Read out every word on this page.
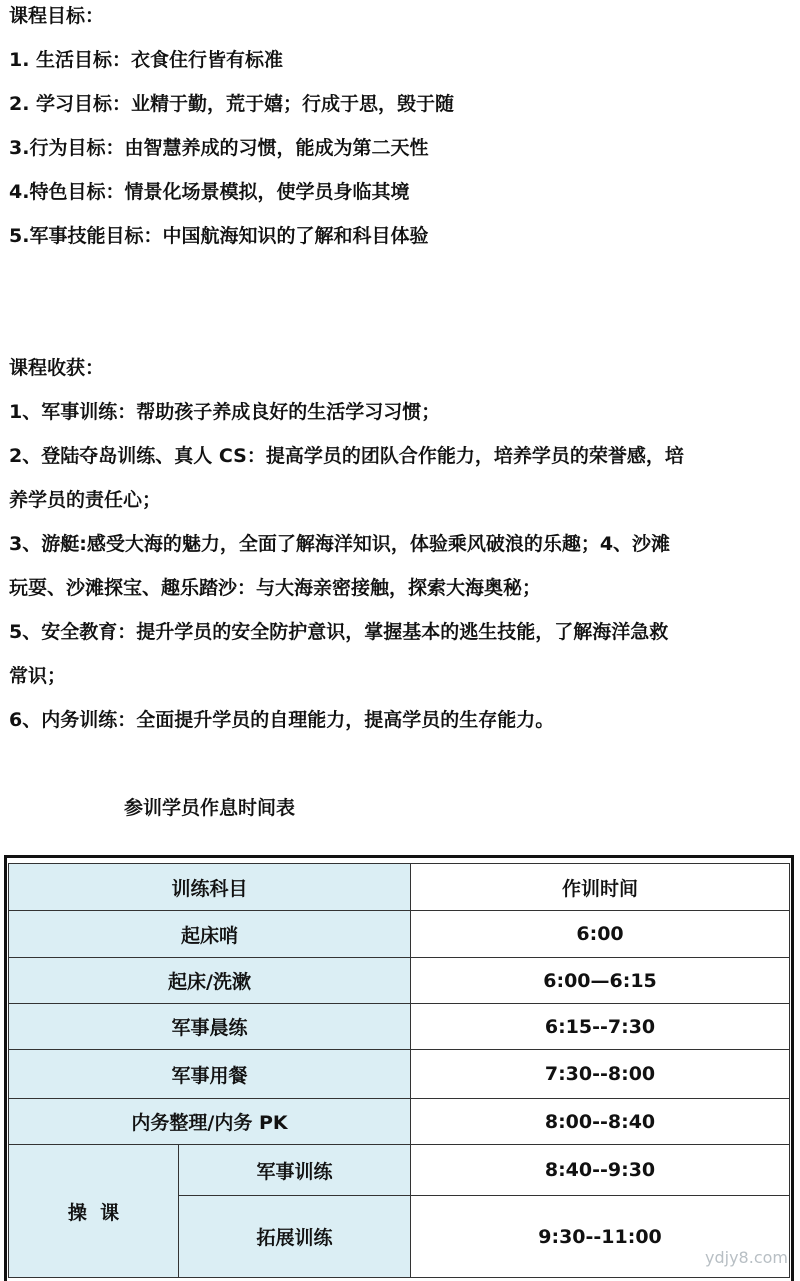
课程目标：
1. 生活目标：衣食住行皆有标准
2. 学习目标：业精于勤，荒于嬉；行成于思，毁于随
3.行为目标：由智慧养成的习惯，能成为第二天性
4.特色目标：情景化场景模拟，使学员身临其境
5.军事技能目标：中国航海知识的了解和科目体验
课程收获：
1、军事训练：帮助孩子养成良好的生活学习习惯；
2、登陆夺岛训练、真人 CS：提高学员的团队合作能力，培养学员的荣誉感，培
养学员的责任心；
3、游艇:感受大海的魅力，全面了解海洋知识，体验乘风破浪的乐趣；4、沙滩
玩耍、沙滩探宝、趣乐踏沙：与大海亲密接触，探索大海奥秘；
5、安全教育：提升学员的安全防护意识，掌握基本的逃生技能，了解海洋急救
常识；
6、内务训练：全面提升学员的自理能力，提高学员的生存能力。
参训学员作息时间表
训练科目		作训时间
起床哨		6:00
起床/洗漱		6:00—6:15
军事晨练		6:15--7:30
军事用餐		7:30--8:00
内务整理/内务 PK		8:00--8:40
操  课	军事训练	8:40--9:30
	拓展训练	9:30--11:00
ydjy8.com
